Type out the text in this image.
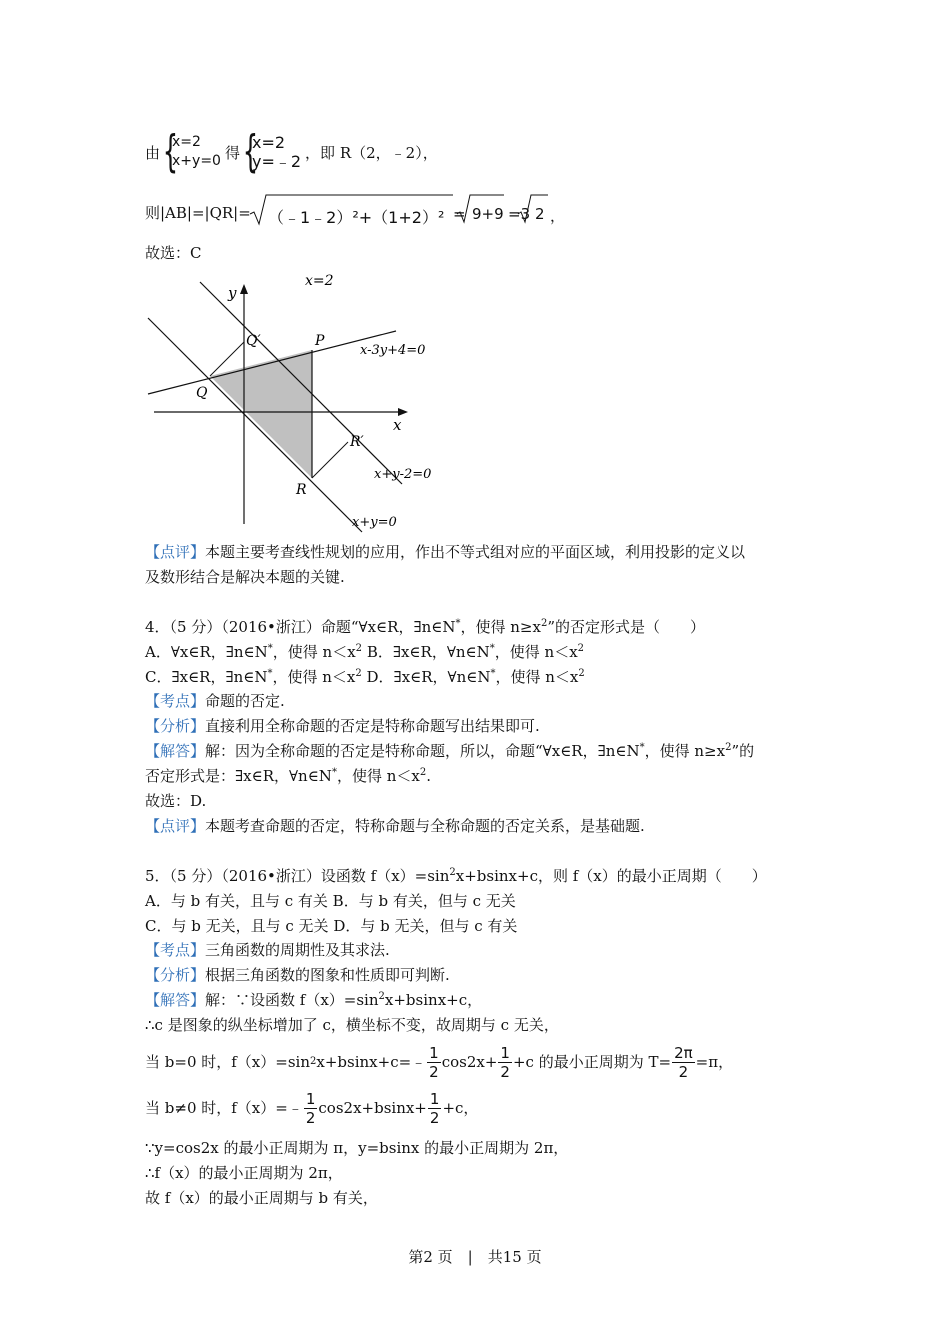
由 {
x=2
x+y=0 得 {
x=2
y=﹣2 ，即 R（2，﹣2），
则|AB|=|QR|= （﹣1﹣2）²+（1+2）² = 9+9 =3 2 ，
故选：C
y
x
x=2
Q′	P
x-3y+4=0
Q
R′
x+y-2=0
R
x+y=0
【点评】本题主要考查线性规划的应用，作出不等式组对应的平面区域，利用投影的定义以
及数形结合是解决本题的关键.
4．（5 分）（2016•浙江）命题“∀x∈R，∃n∈N*，使得 $n\ge x^2$”的否定形式是（　　）
A．∀x∈R，∃n∈N*，使得 $n<x^2$ B．∃x∈R，∀n∈N*，使得 $n<x^2$
C．∃x∈R，∃n∈N*，使得 $n<x^2$ D．∃x∈R，∀n∈N*，使得 $n<x^2$
【考点】命题的否定.
【分析】直接利用全称命题的否定是特称命题写出结果即可.
【解答】解：因为全称命题的否定是特称命题，所以，命题“∀x∈R，∃n∈N*，使得 $n\ge x^2$”的
否定形式是：∃x∈R，∀n∈N*，使得 $n<x^2$.
故选：D.
【点评】本题考查命题的否定，特称命题与全称命题的否定关系，是基础题.
5．（5 分）（2016•浙江）设函数 $f(x)=\sin^2x+bsinx+c$，则 f（x）的最小正周期（　　）
A．与 b 有关，且与 c 有关 B．与 b 有关，但与 c 无关
C．与 b 无关，且与 c 无关 D．与 b 无关，但与 c 有关
【考点】三角函数的周期性及其求法.
【分析】根据三角函数的图象和性质即可判断.
【解答】解：∵设函数 $f(x)=\sin^2x+bsinx+c$，
∴c 是图象的纵坐标增加了 c，横坐标不变，故周期与 c 无关，
当 b=0 时，f（x）=sin 2 x+bsinx+c=﹣ $\frac{1}{2} \cos 2x+ \frac{1}{2} +c$ 的最小正周期为 $T= \frac{2\pi}{2} =\pi$，
当 b≠0 时，f（x）=﹣ $\frac{1}{2} \cos 2x+bsinx+ \frac{1}{2} +c$，
∵y=cos2x 的最小正周期为 π，y=bsinx 的最小正周期为 2π，
∴f（x）的最小正周期为 2π，
故 f（x）的最小正周期与 b 有关，
第2 页　|　共15 页
